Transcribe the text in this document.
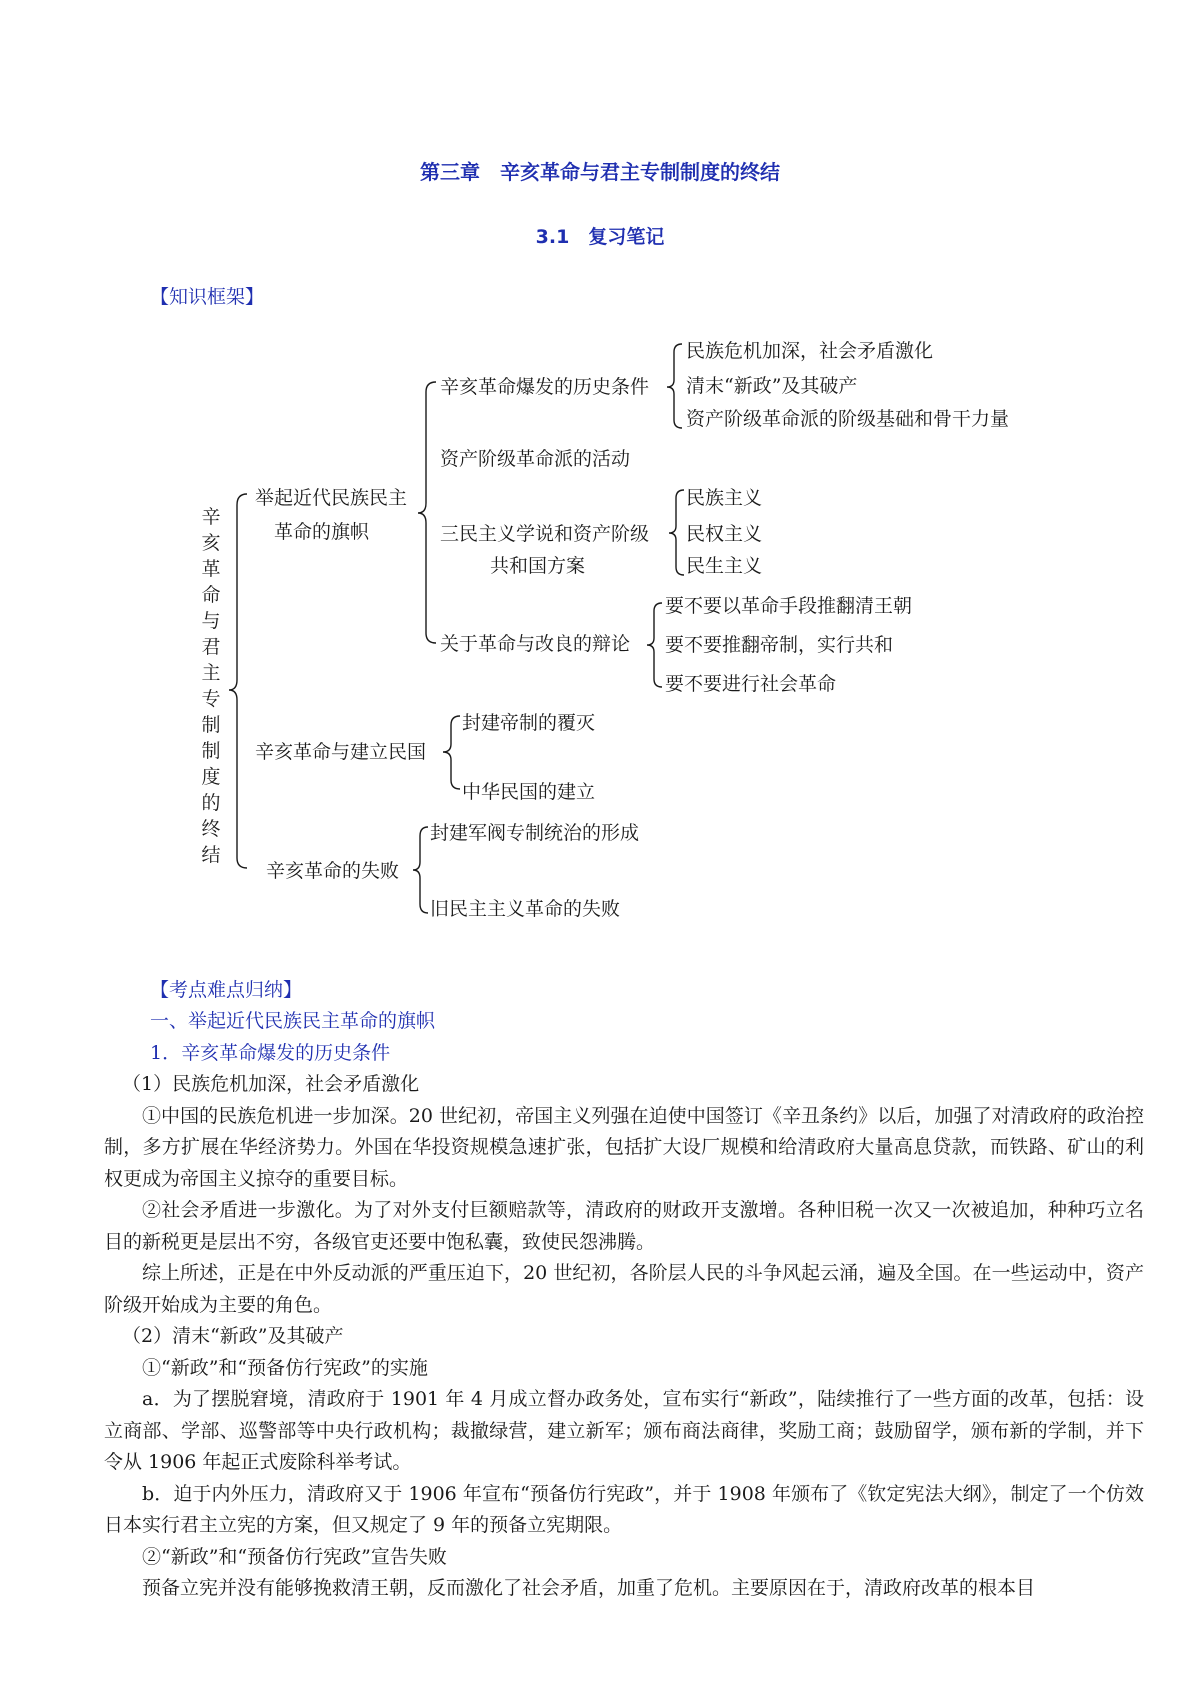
第三章　辛亥革命与君主专制制度的终结
3.1　复习笔记
【知识框架】
辛
亥
革
命
与
君
主
专
制
制
度
的
终
结
举起近代民族民主
革命的旗帜
辛亥革命爆发的历史条件
民族危机加深，社会矛盾激化
清末“新政”及其破产
资产阶级革命派的阶级基础和骨干力量
资产阶级革命派的活动
三民主义学说和资产阶级
共和国方案
民族主义
民权主义
民生主义
关于革命与改良的辩论
要不要以革命手段推翻清王朝
要不要推翻帝制，实行共和
要不要进行社会革命
辛亥革命与建立民国
封建帝制的覆灭
中华民国的建立
辛亥革命的失败
封建军阀专制统治的形成
旧民主主义革命的失败
【考点难点归纳】
一、举起近代民族民主革命的旗帜
1．辛亥革命爆发的历史条件

（1）民族危机加深，社会矛盾激化

①中国的民族危机进一步加深。20 世纪初，帝国主义列强在迫使中国签订《辛丑条约》以后，加强了对清政府的政治控制，多方扩展在华经济势力。外国在华投资规模急速扩张，包括扩大设厂规模和给清政府大量高息贷款，而铁路、矿山的利权更成为帝国主义掠夺的重要目标。

②社会矛盾进一步激化。为了对外支付巨额赔款等，清政府的财政开支激增。各种旧税一次又一次被追加，种种巧立名目的新税更是层出不穷，各级官吏还要中饱私囊，致使民怨沸腾。

综上所述，正是在中外反动派的严重压迫下，20 世纪初，各阶层人民的斗争风起云涌，遍及全国。在一些运动中，资产阶级开始成为主要的角色。

（2）清末“新政”及其破产

①“新政”和“预备仿行宪政”的实施

a．为了摆脱窘境，清政府于 1901 年 4 月成立督办政务处，宣布实行“新政”，陆续推行了一些方面的改革，包括：设立商部、学部、巡警部等中央行政机构；裁撤绿营，建立新军；颁布商法商律，奖励工商；鼓励留学，颁布新的学制，并下令从 1906 年起正式废除科举考试。

b．迫于内外压力，清政府又于 1906 年宣布“预备仿行宪政”，并于 1908 年颁布了《钦定宪法大纲》，制定了一个仿效日本实行君主立宪的方案，但又规定了 9 年的预备立宪期限。

②“新政”和“预备仿行宪政”宣告失败

预备立宪并没有能够挽救清王朝，反而激化了社会矛盾，加重了危机。主要原因在于，清政府改革的根本目
